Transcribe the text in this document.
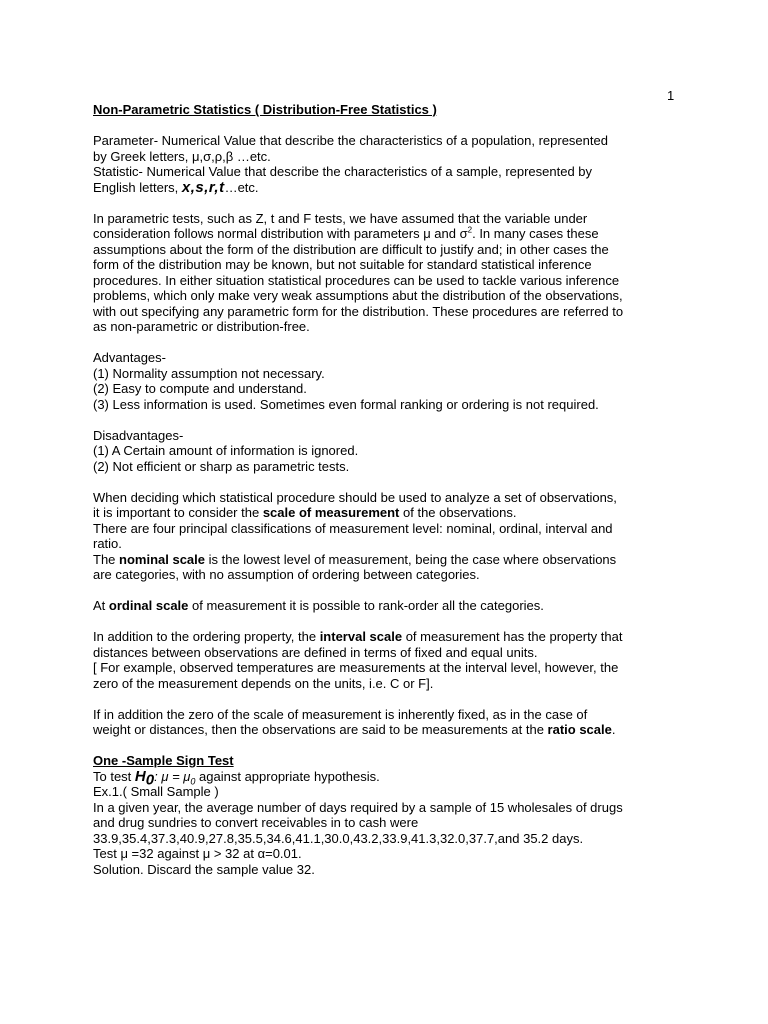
1

Non-Parametric Statistics ( Distribution-Free Statistics )

Parameter- Numerical Value that describe the characteristics of a population, represented

by Greek letters, μ,σ,ρ,β …etc.

Statistic- Numerical Value that describe the characteristics of a sample, represented by

English letters, x,s,r,t…etc.

In parametric tests, such as Z, t and F tests, we have assumed that the variable under

consideration follows normal distribution with parameters μ and $\sigma^2$. In many cases these

assumptions about the form of the distribution are difficult to justify and; in other cases the

form of the distribution may be known, but not suitable for standard statistical inference

procedures. In either situation statistical procedures can be used to tackle various inference

problems, which only make very weak assumptions abut the distribution of the observations,

with out specifying any parametric form for the distribution. These procedures are referred to

as non-parametric or distribution-free.

Advantages-

(1) Normality assumption not necessary.

(2) Easy to compute and understand.

(3) Less information is used. Sometimes even formal ranking or ordering is not required.

Disadvantages-

(1) A Certain amount of information is ignored.

(2) Not efficient or sharp as parametric tests.

When deciding which statistical procedure should be used to analyze a set of observations,

it is important to consider the scale of measurement of the observations.

There are four principal classifications of measurement level: nominal, ordinal, interval and

ratio.

The nominal scale is the lowest level of measurement, being the case where observations

are categories, with no assumption of ordering between categories.

At ordinal scale of measurement it is possible to rank-order all the categories.

In addition to the ordering property, the interval scale of measurement has the property that

distances between observations are defined in terms of fixed and equal units.

[ For example, observed temperatures are measurements at the interval level, however, the

zero of the measurement depends on the units, i.e. C or F].

If in addition the zero of the scale of measurement is inherently fixed, as in the case of

weight or distances, then the observations are said to be measurements at the ratio scale.

One -Sample Sign Test

To test $H_0$: $\mu = \mu_0$ against appropriate hypothesis.

Ex.1.( Small Sample )

In a given year, the average number of days required by a sample of 15 wholesales of drugs

and drug sundries to convert receivables in to cash were

33.9,35.4,37.3,40.9,27.8,35.5,34.6,41.1,30.0,43.2,33.9,41.3,32.0,37.7,and 35.2 days.

Test μ =32 against μ > 32 at α=0.01.

Solution. Discard the sample value 32.
